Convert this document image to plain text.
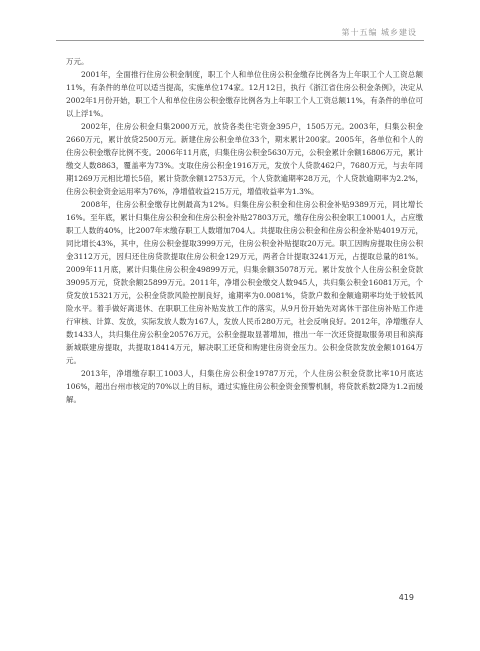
第十五编 城乡建设

万元。

2001年，全面推行住房公积金制度，职工个人和单位住房公积金缴存比例各为上年职工个人工资总额11%，有条件的单位可以适当提高，实施单位174家。12月12日，执行《浙江省住房公积金条例》，决定从2002年1月份开始，职工个人和单位住房公积金缴存比例各为上年职工个人工资总额11%，有条件的单位可以上浮1%。

2002年，住房公积金归集2000万元，放贷各类住宅资金395户，1505万元。2003年，归集公积金2660万元，累计放贷2500万元。新建住房公积金单位33个，期末累计200家。2005年，各单位和个人的住房公积金缴存比例不变。2006年11月底，归集住房公积金5630万元，公积金累计余额16806万元，累计缴交人数8863，覆盖率为73%。支取住房公积金1916万元，发放个人贷款462户，7680万元，与去年同期1269万元相比增长5倍，累计贷款余额12753万元，个人贷款逾期率28万元，个人贷款逾期率为2.2%，住房公积金资金运用率为76%，净增值收益215万元，增值收益率为1.3%。

2008年，住房公积金缴存比例最高为12%。归集住房公积金和住房公积金补贴9389万元，同比增长16%。至年底，累计归集住房公积金和住房公积金补贴27803万元，缴存住房公积金职工10001人，占应缴职工人数的40%，比2007年末缴存职工人数增加704人。共提取住房公积金和住房公积金补贴4019万元，同比增长43%，其中，住房公积金提取3999万元，住房公积金补贴提取20万元。职工因购房提取住房公积金3112万元，因归还住房贷款提取住房公积金129万元，两者合计提取3241万元，占提取总量的81%。2009年11月底，累计归集住房公积金49899万元，归集余额35078万元。累计发放个人住房公积金贷款39095万元，贷款余额25899万元。2011年，净增公积金缴交人数945人，共归集公积金16081万元，个贷发放15321万元，公积金贷款风险控制良好，逾期率为0.0081%，贷款户数和金额逾期率均处于较低风险水平。着手做好离退休、在职职工住房补贴发放工作的落实，从9月份开始先对离休干部住房补贴工作进行审核、计算、发放，实际发放人数为167人，发放人民币280万元，社会反响良好。2012年，净增缴存人数1433人，共归集住房公积金20576万元，公积金提取显著增加，推出一年一次还贷提取服务项目和滨海新城联建房提取，共提取18414万元，解决职工还贷和购建住房资金压力。公积金贷款发放金额10164万元。

2013年，净增缴存职工1003人，归集住房公积金19787万元，个人住房公积金贷款比率10月底达106%，超出台州市核定的70%以上的目标，通过实施住房公积金资金预警机制，将贷款系数2降为1.2而缓解。

419
